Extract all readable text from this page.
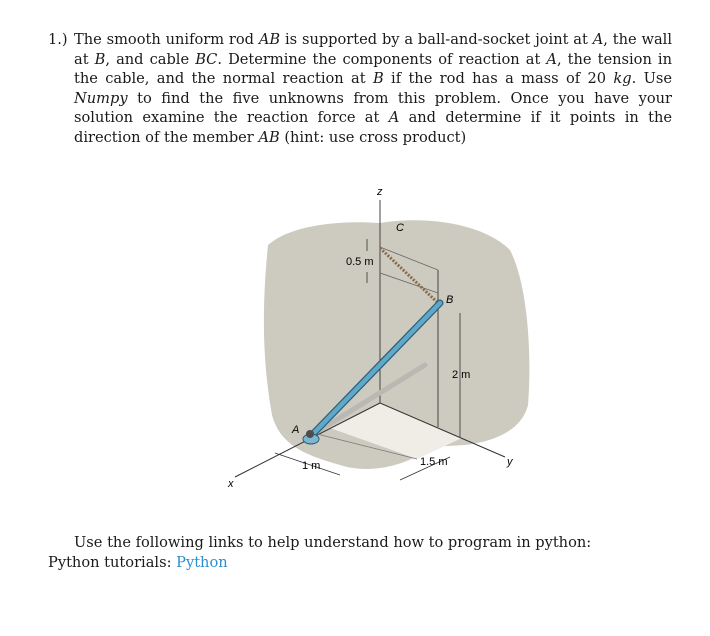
1.) The smooth uniform rod AB is supported by a ball-and-socket joint at A, the wall at B, and cable BC. Determine the components of reaction at A, the tension in the cable, and the normal reaction at B if the rod has a mass of 20 kg. Use Numpy to find the five unknowns from this problem. Once you have your solution examine the reaction force at A and determine if it points in the direction of the member AB (hint: use cross product)
z
C
B
A
x
y
0.5 m
2 m
1 m	1.5 m
Use the following links to help understand how to program in python:
Python tutorials: Python
